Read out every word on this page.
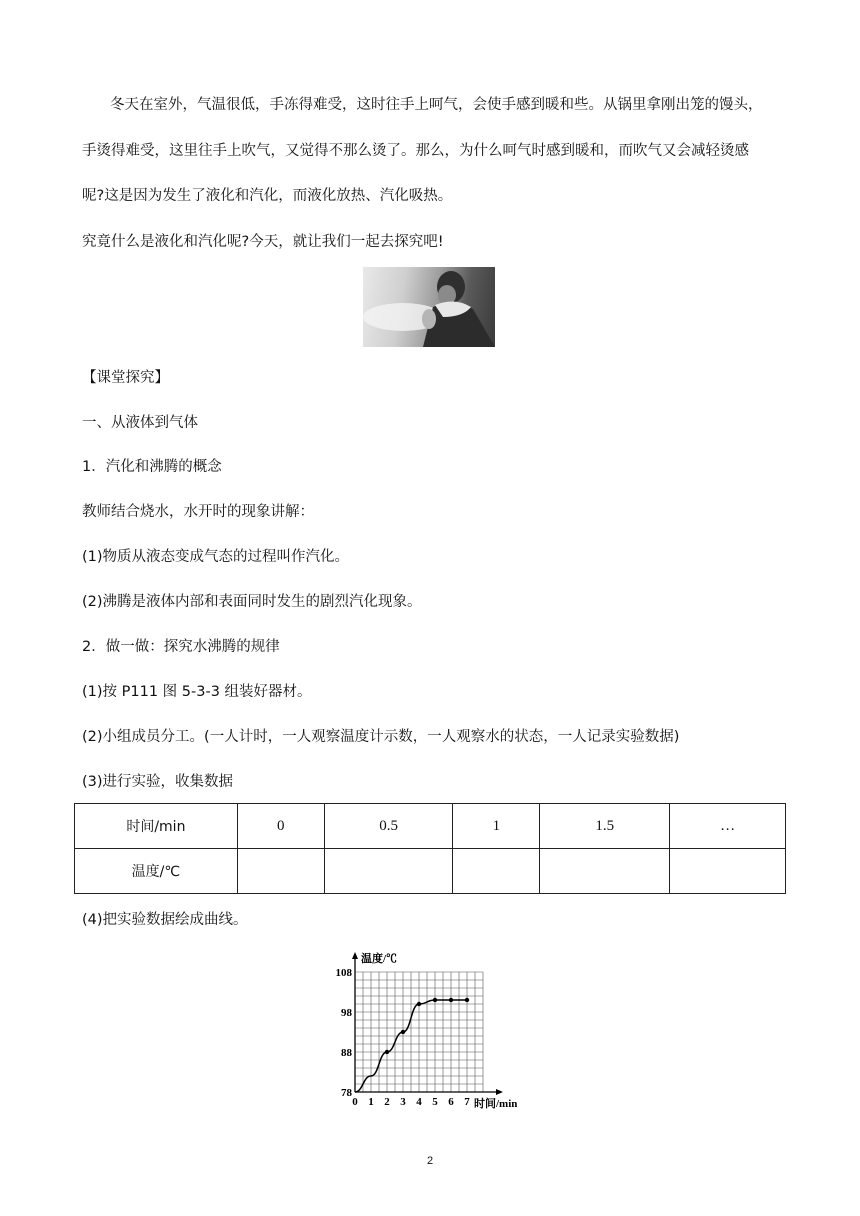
冬天在室外，气温很低，手冻得难受，这时往手上呵气，会使手感到暖和些。从锅里拿刚出笼的馒头，
手烫得难受，这里往手上吹气，又觉得不那么烫了。那么，为什么呵气时感到暖和，而吹气又会减轻烫感
呢?这是因为发生了液化和汽化，而液化放热、汽化吸热。
究竟什么是液化和汽化呢?今天，就让我们一起去探究吧!
【课堂探究】
一、从液体到气体
1．汽化和沸腾的概念
教师结合烧水，水开时的现象讲解：
(1)物质从液态变成气态的过程叫作汽化。
(2)沸腾是液体内部和表面同时发生的剧烈汽化现象。
2．做一做：探究水沸腾的规律
(1)按 P111 图 5-3-3 组装好器材。
(2)小组成员分工。(一人计时，一人观察温度计示数，一人观察水的状态，一人记录实验数据)
(3)进行实验，收集数据
时间/min	0	0.5	1	1.5	…
温度/℃					
(4)把实验数据绘成曲线。
0 1 2 3 4 5 6 7
78
88
98
108
温度/℃
时间/min
2
